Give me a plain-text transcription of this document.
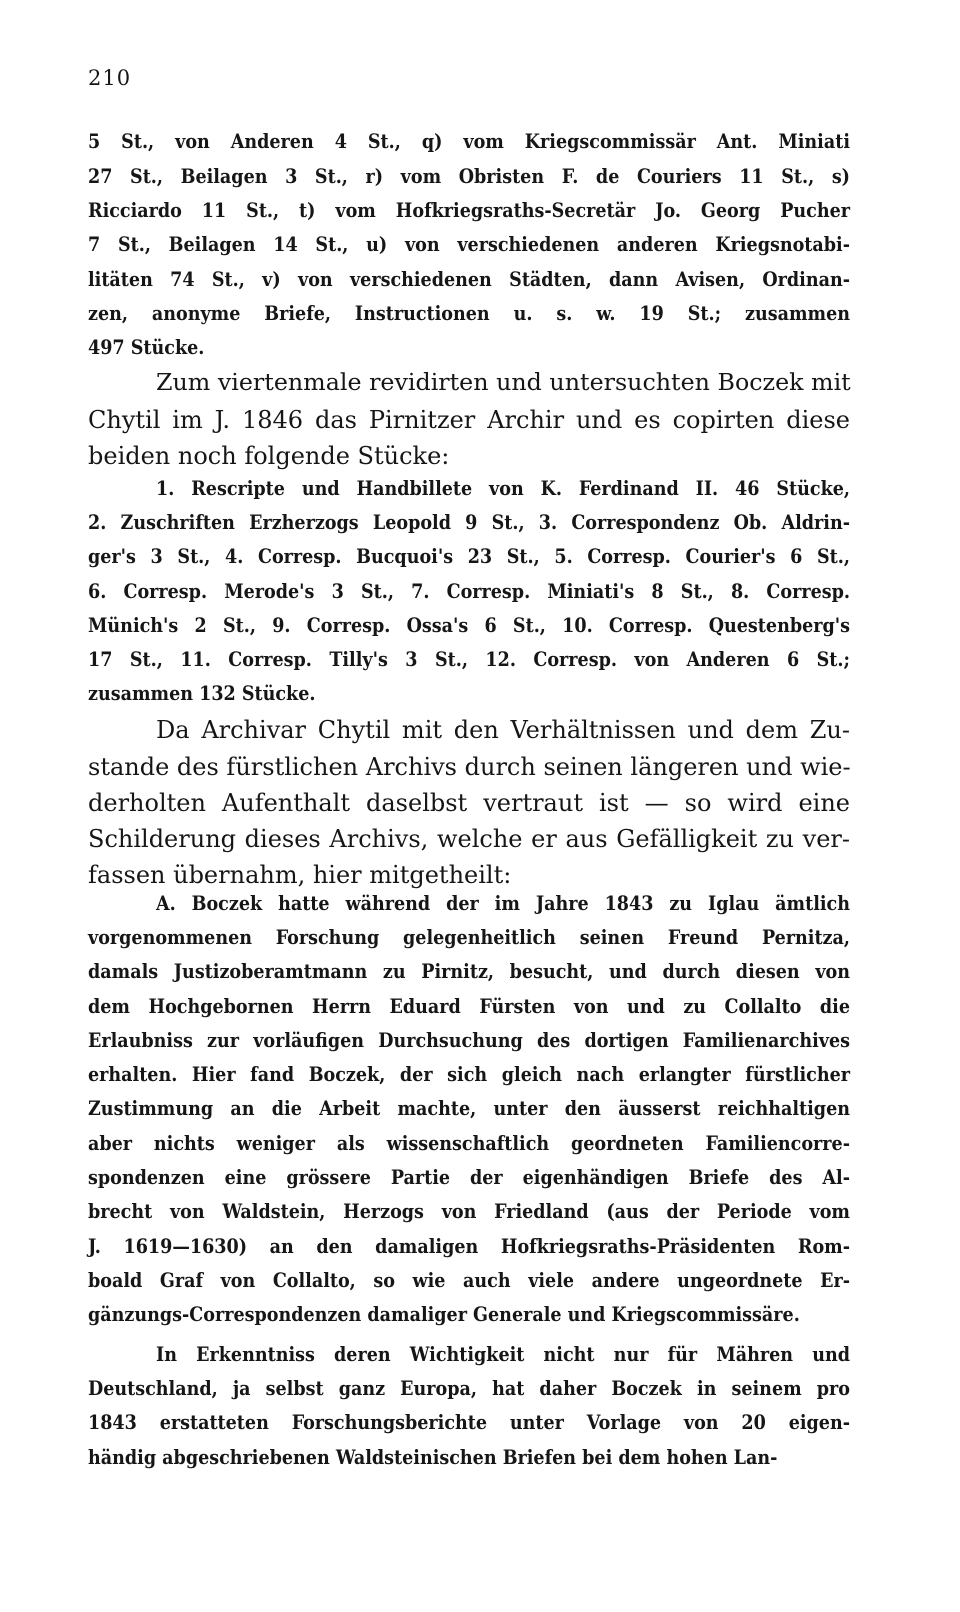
210
5 St., von Anderen 4 St., q) vom Kriegscommissär Ant. Miniati
27 St., Beilagen 3 St., r) vom Obristen F. de Couriers 11 St., s)
Ricciardo 11 St., t) vom Hofkriegsraths-Secretär Jo. Georg Pucher
7 St., Beilagen 14 St., u) von verschiedenen anderen Kriegsnotabi-
litäten 74 St., v) von verschiedenen Städten, dann Avisen, Ordinan-
zen, anonyme Briefe, Instructionen u. s. w. 19 St.; zusammen
497 Stücke.
Zum viertenmale revidirten und untersuchten Boczek mit
Chytil im J. 1846 das Pirnitzer Archir und es copirten diese
beiden noch folgende Stücke:
1. Rescripte und Handbillete von K. Ferdinand II. 46 Stücke,
2. Zuschriften Erzherzogs Leopold 9 St., 3. Correspondenz Ob. Aldrin-
ger's 3 St., 4. Corresp. Bucquoi's 23 St., 5. Corresp. Courier's 6 St.,
6. Corresp. Merode's 3 St., 7. Corresp. Miniati's 8 St., 8. Corresp.
Münich's 2 St., 9. Corresp. Ossa's 6 St., 10. Corresp. Questenberg's
17 St., 11. Corresp. Tilly's 3 St., 12. Corresp. von Anderen 6 St.;
zusammen 132 Stücke.
Da Archivar Chytil mit den Verhältnissen und dem Zu-
stande des fürstlichen Archivs durch seinen längeren und wie-
derholten Aufenthalt daselbst vertraut ist — so wird eine
Schilderung dieses Archivs, welche er aus Gefälligkeit zu ver-
fassen übernahm, hier mitgetheilt:
A. Boczek hatte während der im Jahre 1843 zu Iglau ämtlich
vorgenommenen Forschung gelegenheitlich seinen Freund Pernitza,
damals Justizoberamtmann zu Pirnitz, besucht, und durch diesen von
dem Hochgebornen Herrn Eduard Fürsten von und zu Collalto die
Erlaubniss zur vorläufigen Durchsuchung des dortigen Familienarchives
erhalten. Hier fand Boczek, der sich gleich nach erlangter fürstlicher
Zustimmung an die Arbeit machte, unter den äusserst reichhaltigen
aber nichts weniger als wissenschaftlich geordneten Familiencorre-
spondenzen eine grössere Partie der eigenhändigen Briefe des Al-
brecht von Waldstein, Herzogs von Friedland (aus der Periode vom
J. 1619—1630) an den damaligen Hofkriegsraths-Präsidenten Rom-
boald Graf von Collalto, so wie auch viele andere ungeordnete Er-
gänzungs-Correspondenzen damaliger Generale und Kriegscommissäre.
In Erkenntniss deren Wichtigkeit nicht nur für Mähren und
Deutschland, ja selbst ganz Europa, hat daher Boczek in seinem pro
1843 erstatteten Forschungsberichte unter Vorlage von 20 eigen-
händig abgeschriebenen Waldsteinischen Briefen bei dem hohen Lan-
